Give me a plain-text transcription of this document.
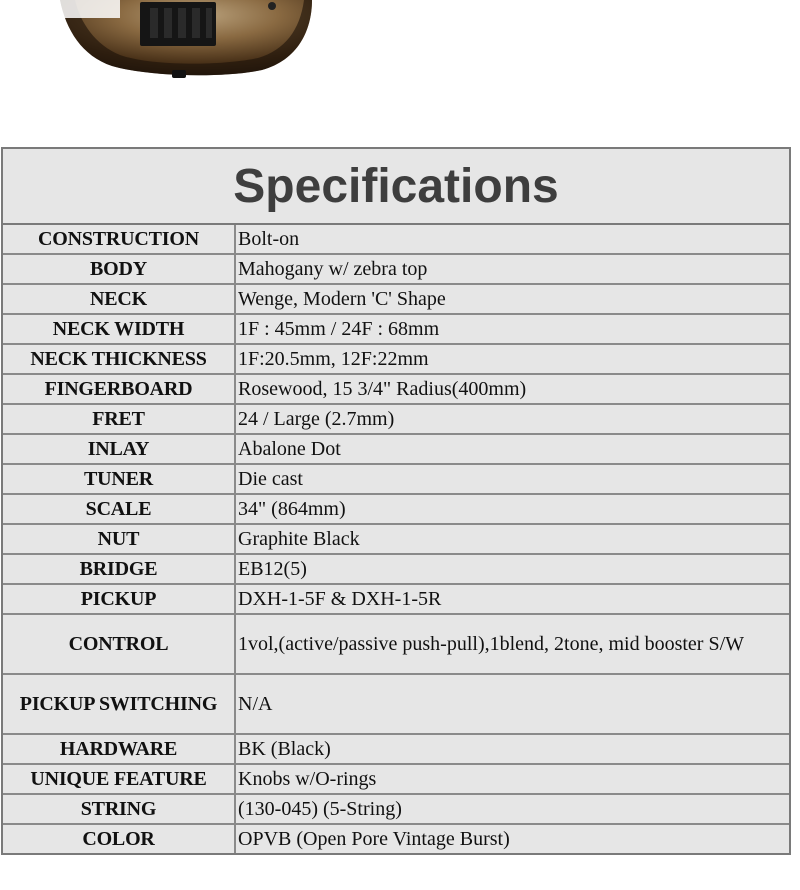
Specifications
CONSTRUCTION	Bolt-on
BODY	Mahogany w/ zebra top
NECK	Wenge, Modern 'C' Shape
NECK WIDTH	1F : 45mm / 24F : 68mm
NECK THICKNESS	1F:20.5mm, 12F:22mm
FINGERBOARD	Rosewood, 15 3/4" Radius(400mm)
FRET	24 / Large (2.7mm)
INLAY	Abalone Dot
TUNER	Die cast
SCALE	34" (864mm)
NUT	Graphite Black
BRIDGE	EB12(5)
PICKUP	DXH-1-5F & DXH-1-5R
CONTROL	1vol,(active/passive push-pull),1blend, 2tone, mid booster S/W
PICKUP SWITCHING	N/A
HARDWARE	BK (Black)
UNIQUE FEATURE	Knobs w/O-rings
STRING	(130-045) (5-String)
COLOR	OPVB (Open Pore Vintage Burst)
